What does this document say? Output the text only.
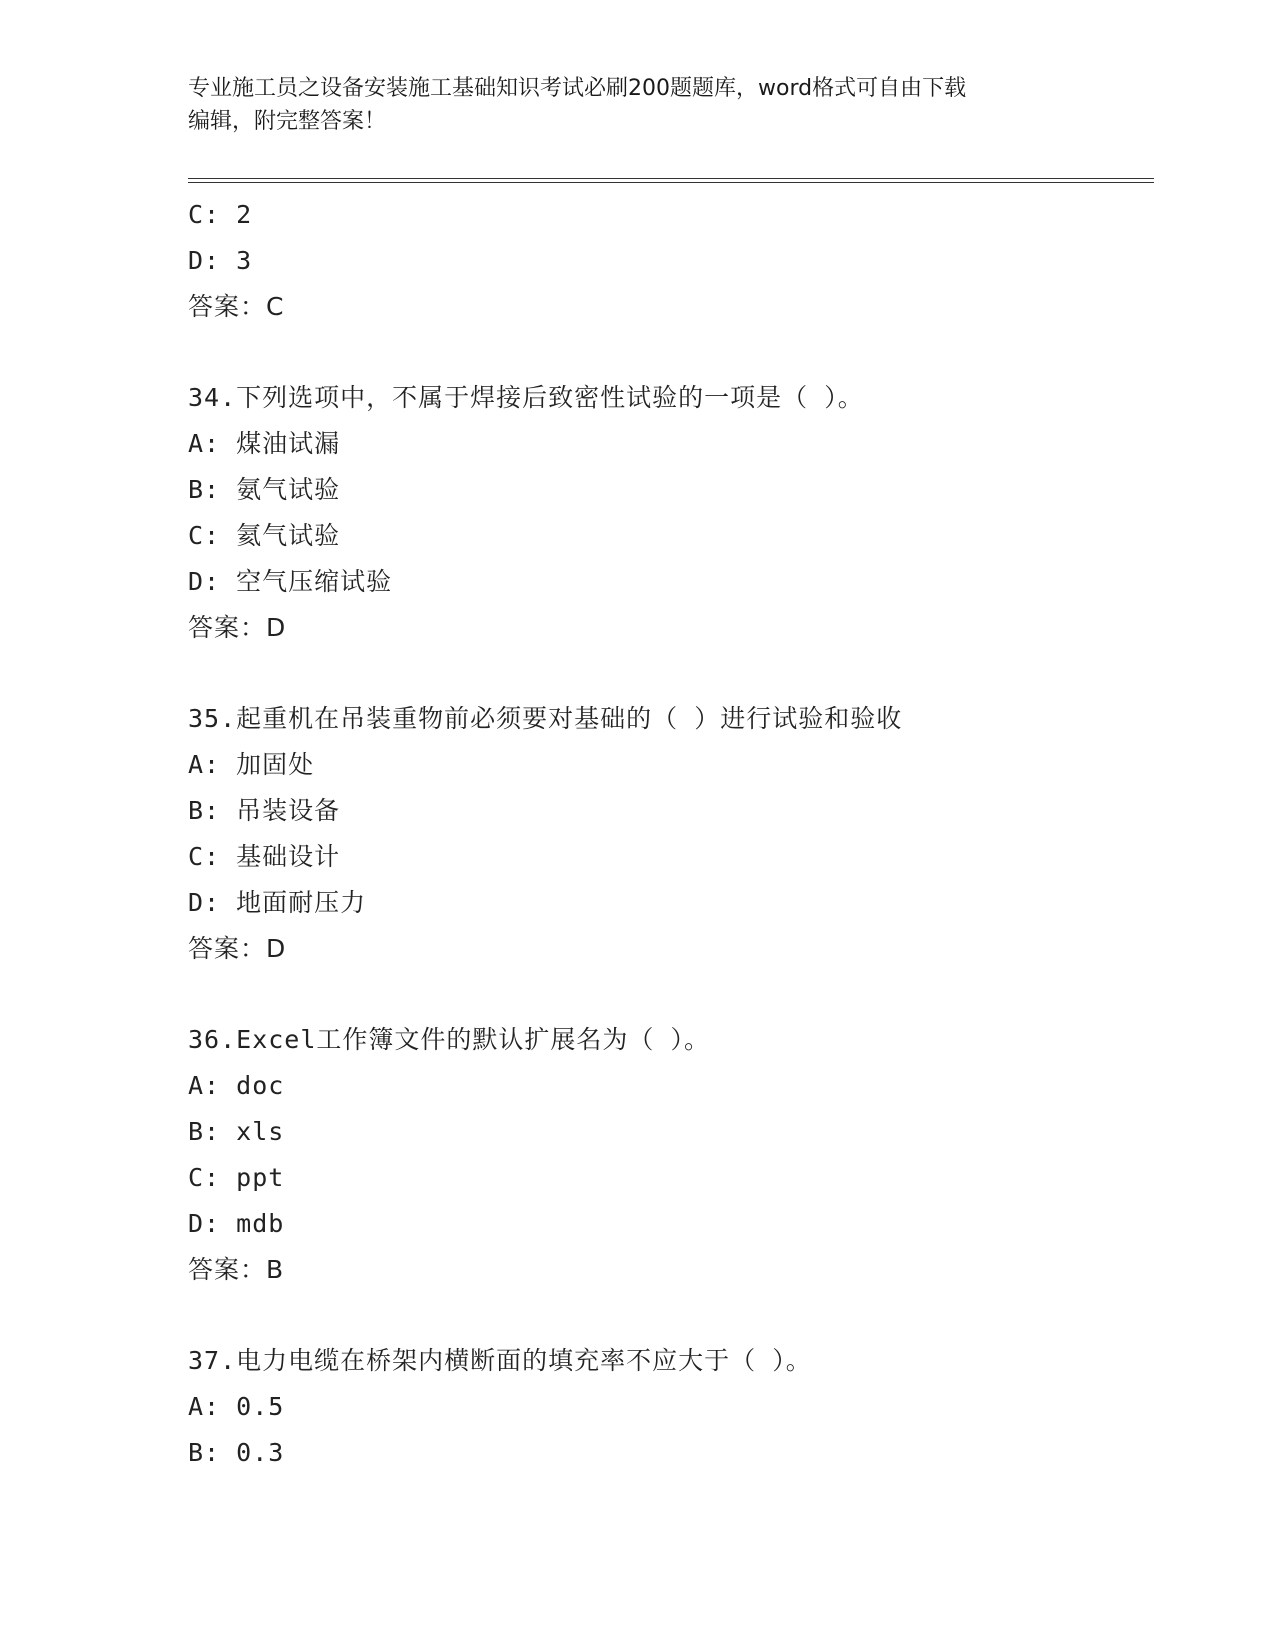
专业施工员之设备安装施工基础知识考试必刷200题题库，word格式可自由下载
编辑，附完整答案！
C: 2
D: 3
答案：C
34.下列选项中，不属于焊接后致密性试验的一项是（ ）。
A: 煤油试漏
B: 氨气试验
C: 氦气试验
D: 空气压缩试验
答案：D
35.起重机在吊装重物前必须要对基础的（ ）进行试验和验收
A: 加固处
B: 吊装设备
C: 基础设计
D: 地面耐压力
答案：D
36.Excel工作簿文件的默认扩展名为（ ）。
A: doc
B: xls
C: ppt
D: mdb
答案：B
37.电力电缆在桥架内横断面的填充率不应大于（ ）。
A: 0.5
B: 0.3
